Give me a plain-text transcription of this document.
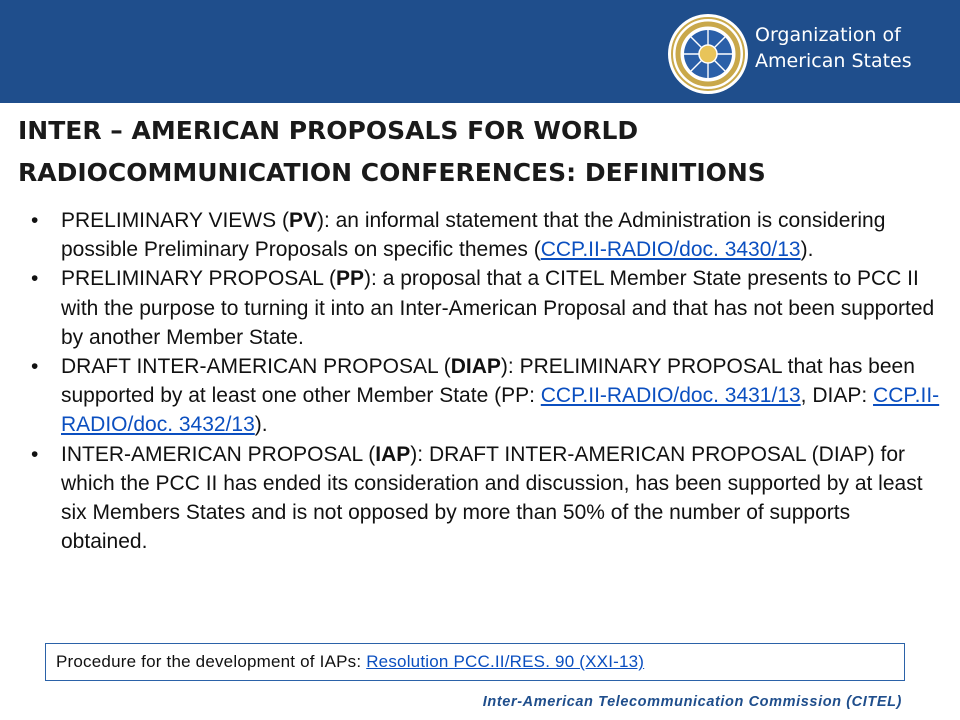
Organization of
American States
INTER – AMERICAN PROPOSALS FOR WORLD
RADIOCOMMUNICATION CONFERENCES: DEFINITIONS
• PRELIMINARY VIEWS (PV): an informal statement that the Administration is considering possible Preliminary Proposals on specific themes (CCP.II-RADIO/doc. 3430/13).
• PRELIMINARY PROPOSAL (PP): a proposal that a CITEL Member State presents to PCC II with the purpose to turning it into an Inter-American Proposal and that has not been supported by another Member State.
• DRAFT INTER-AMERICAN PROPOSAL (DIAP): PRELIMINARY PROPOSAL that has been supported by at least one other Member State (PP: CCP.II-RADIO/doc. 3431/13, DIAP: CCP.II-RADIO/doc. 3432/13).
• INTER-AMERICAN PROPOSAL (IAP): DRAFT INTER-AMERICAN PROPOSAL (DIAP) for which the PCC II has ended its consideration and discussion, has been supported by at least six Members States and is not opposed by more than 50% of the number of supports obtained.
Procedure for the development of IAPs: Resolution PCC.II/RES. 90 (XXI-13)
Inter-American Telecommunication Commission (CITEL)
